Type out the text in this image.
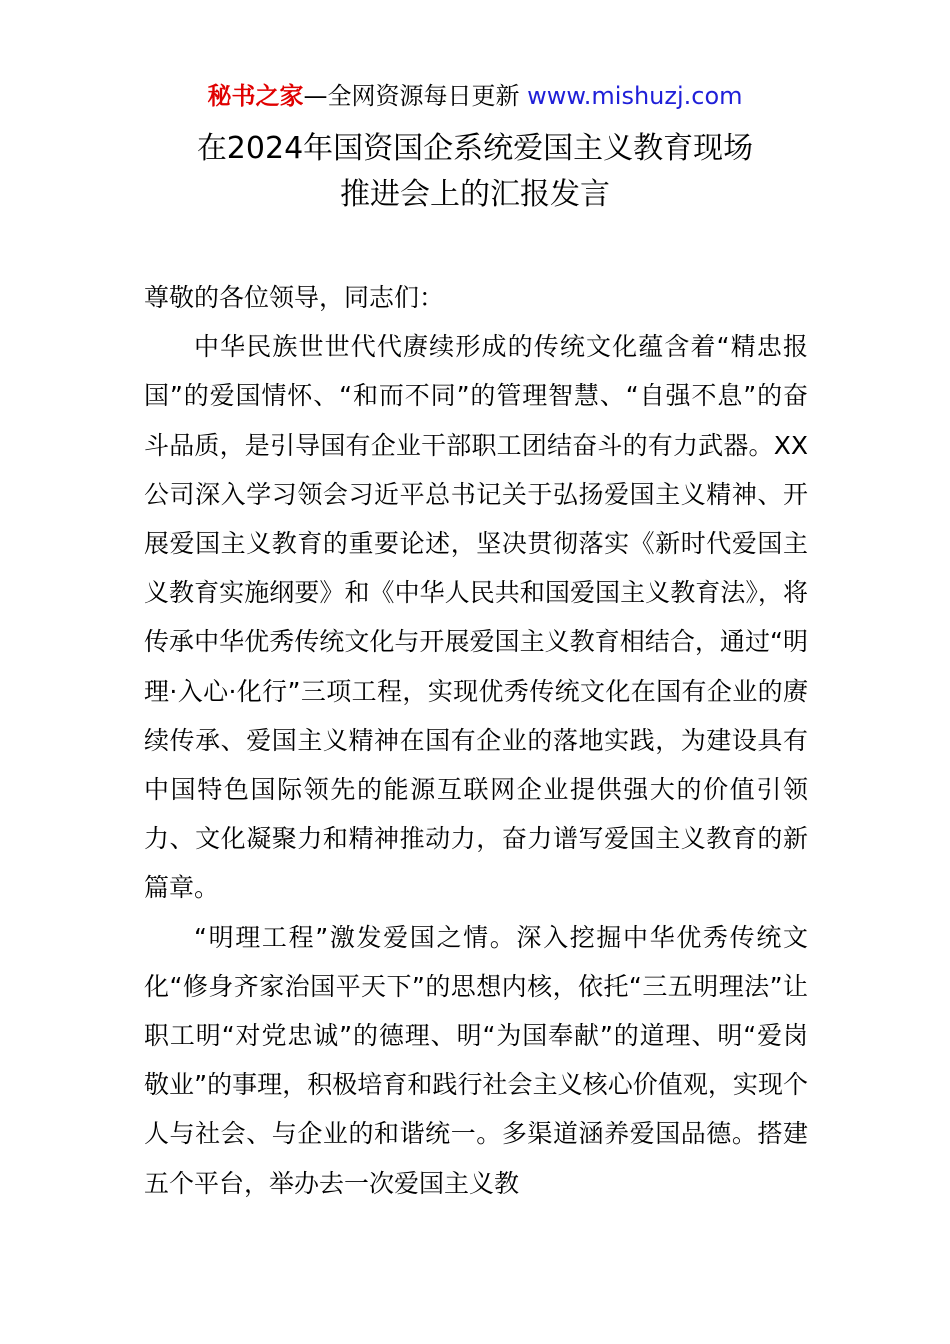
秘书之家—全网资源每日更新 www.mishuzj.com
在2024年国资国企系统爱国主义教育现场
推进会上的汇报发言
尊敬的各位领导，同志们：

中华民族世世代代赓续形成的传统文化蕴含着“精忠报国”的爱国情怀、“和而不同”的管理智慧、“自强不息”的奋斗品质，是引导国有企业干部职工团结奋斗的有力武器。XX公司深入学习领会习近平总书记关于弘扬爱国主义精神、开展爱国主义教育的重要论述，坚决贯彻落实《新时代爱国主义教育实施纲要》和《中华人民共和国爱国主义教育法》，将传承中华优秀传统文化与开展爱国主义教育相结合，通过“明理·入心·化行”三项工程，实现优秀传统文化在国有企业的赓续传承、爱国主义精神在国有企业的落地实践，为建设具有中国特色国际领先的能源互联网企业提供强大的价值引领力、文化凝聚力和精神推动力，奋力谱写爱国主义教育的新篇章。

“明理工程”激发爱国之情。深入挖掘中华优秀传统文化“修身齐家治国平天下”的思想内核，依托“三五明理法”让职工明“对党忠诚”的德理、明“为国奉献”的道理、明“爱岗敬业”的事理，积极培育和践行社会主义核心价值观，实现个人与社会、与企业的和谐统一。多渠道涵养爱国品德。搭建五个平台，举办去一次爱国主义教
